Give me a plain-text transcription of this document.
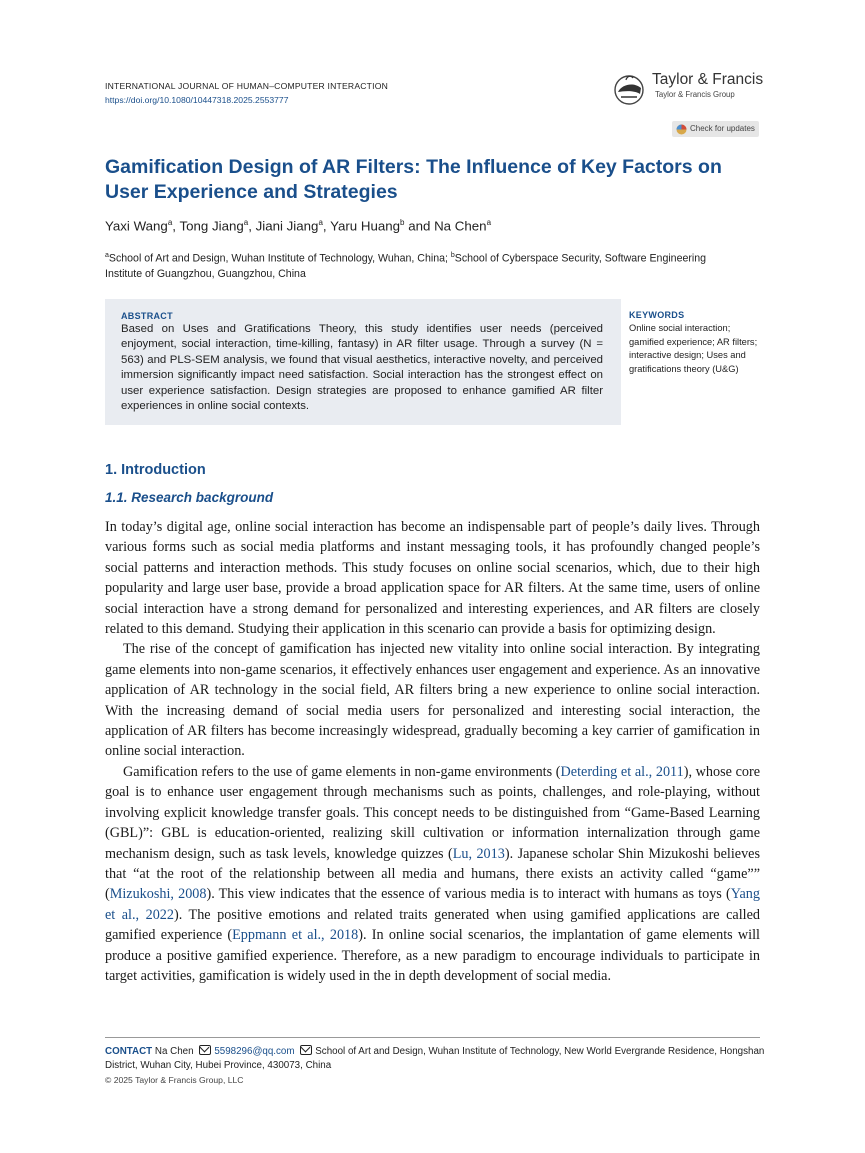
INTERNATIONAL JOURNAL OF HUMAN–COMPUTER INTERACTION
https://doi.org/10.1080/10447318.2025.2553777
Taylor & Francis
Taylor & Francis Group
Check for updates
Gamification Design of AR Filters: The Influence of Key Factors on User Experience and Strategies
Yaxi Wang$^a$, Tong Jiang$^a$, Jiani Jiang$^a$, Yaru Huang$^b$ and Na Chen$^a$
$^a$School of Art and Design, Wuhan Institute of Technology, Wuhan, China; $^b$School of Cyberspace Security, Software Engineering Institute of Guangzhou, Guangzhou, China
ABSTRACT
Based on Uses and Gratifications Theory, this study identifies user needs (perceived enjoyment, social interaction, time-killing, fantasy) in AR filter usage. Through a survey (N = 563) and PLS-SEM analysis, we found that visual aesthetics, interactive novelty, and perceived immersion significantly impact need satisfaction. Social interaction has the strongest effect on user experience satisfaction. Design strategies are proposed to enhance gamified AR filter experiences in online social contexts.
KEYWORDS
Online social interaction; gamified experience; AR filters; interactive design; Uses and gratifications theory (U&G)
1. Introduction
1.1. Research background

In today’s digital age, online social interaction has become an indispensable part of people’s daily lives. Through various forms such as social media platforms and instant messaging tools, it has profoundly changed people’s social patterns and interaction methods. This study focuses on online social scenarios, which, due to their high popularity and large user base, provide a broad application space for AR filters. At the same time, users of online social interaction have a strong demand for personalized and interesting experiences, and AR filters are closely related to this demand. Studying their application in this scenario can provide a basis for optimizing design.

The rise of the concept of gamification has injected new vitality into online social interaction. By integrating game elements into non-game scenarios, it effectively enhances user engagement and experience. As an innovative application of AR technology in the social field, AR filters bring a new experience to online social interaction. With the increasing demand of social media users for personalized and interesting social interaction, the application of AR filters has become increasingly widespread, gradually becoming a key carrier of gamification in online social interaction.

Gamification refers to the use of game elements in non-game environments (Deterding et al., 2011), whose core goal is to enhance user engagement through mechanisms such as points, challenges, and role-playing, without involving explicit knowledge transfer goals. This concept needs to be distinguished from “Game-Based Learning (GBL)”: GBL is education-oriented, realizing skill cultivation or information internalization through game mechanism design, such as task levels, knowledge quizzes (Lu, 2013). Japanese scholar Shin Mizukoshi believes that “at the root of the relationship between all media and humans, there exists an activity called “game”” (Mizukoshi, 2008). This view indicates that the essence of various media is to interact with humans as toys (Yang et al., 2022). The positive emotions and related traits generated when using gamified applications are called gamified experience (Eppmann et al., 2018). In online social scenarios, the implantation of game elements will produce a positive gamified experience. Therefore, as a new paradigm to encourage individuals to participate in target activities, gamification is widely used in the in depth development of social media.

CONTACT Na Chen 5598296@qq.com School of Art and Design, Wuhan Institute of Technology, New World Evergrande Residence, Hongshan District, Wuhan City, Hubei Province, 430073, China
© 2025 Taylor & Francis Group, LLC
